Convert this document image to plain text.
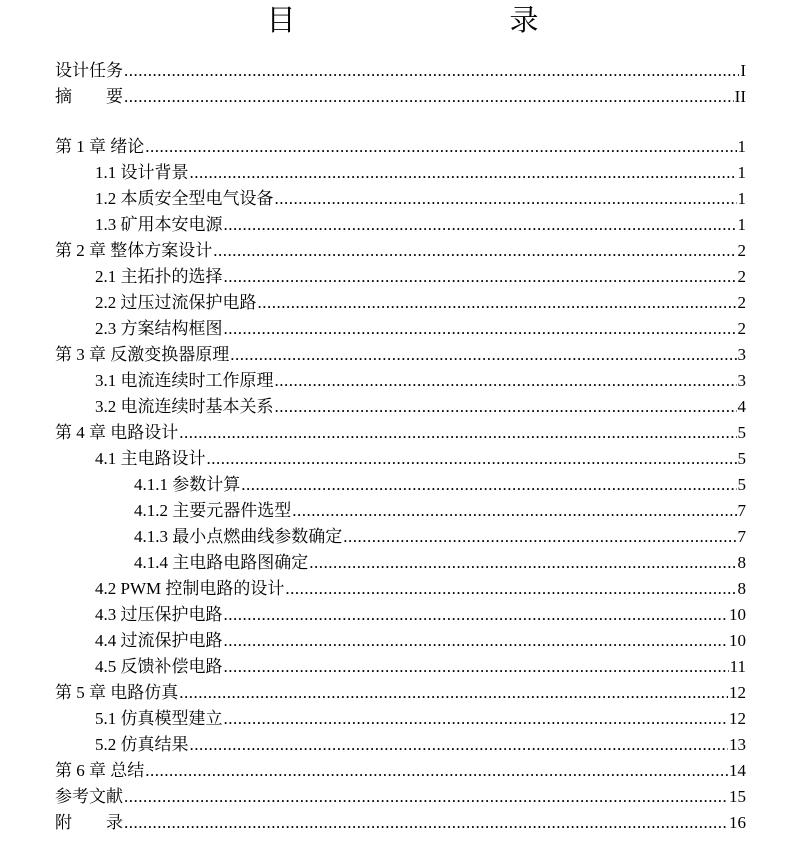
目　　录
设计任务 .....	I
摘　　要 .....	II
第 1 章 绪论 .....	1
1.1 设计背景 .....	1
1.2 本质安全型电气设备 .....	1
1.3 矿用本安电源 .....	1
第 2 章 整体方案设计 .....	2
2.1 主拓扑的选择 .....	2
2.2 过压过流保护电路 .....	2
2.3 方案结构框图 .....	2
第 3 章 反激变换器原理 .....	3
3.1 电流连续时工作原理 .....	3
3.2 电流连续时基本关系 .....	4
第 4 章 电路设计 .....	5
4.1 主电路设计 .....	5
4.1.1 参数计算 .....	5
4.1.2 主要元器件选型 .....	7
4.1.3 最小点燃曲线参数确定 .....	7
4.1.4 主电路电路图确定 .....	8
4.2 PWM 控制电路的设计 .....	8
4.3 过压保护电路 .....	10
4.4 过流保护电路 .....	10
4.5 反馈补偿电路 .....	11
第 5 章 电路仿真 .....	12
5.1 仿真模型建立 .....	12
5.2 仿真结果 .....	13
第 6 章 总结 .....	14
参考文献 .....	15
附　　录 .....	16
